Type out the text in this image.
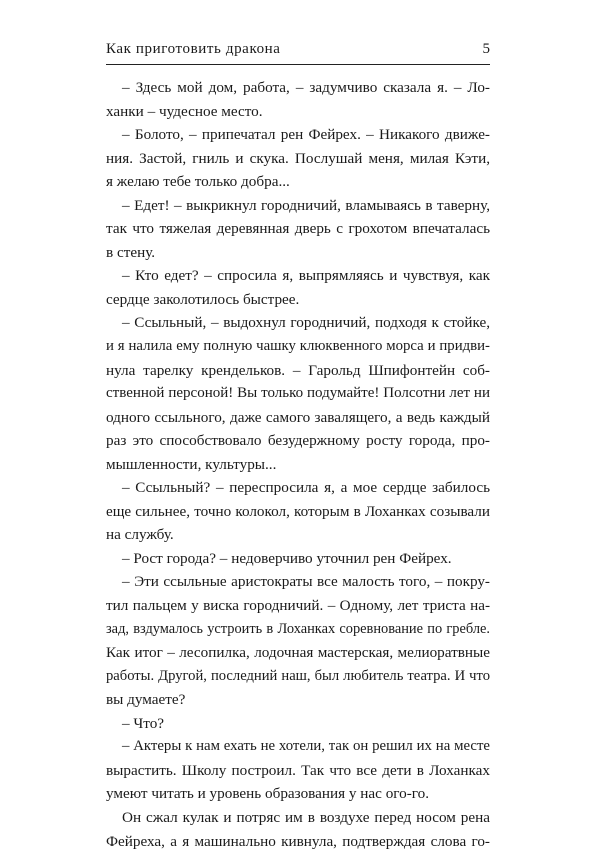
Как приготовить дракона	5
– Здесь мой дом, работа, – задумчиво сказала я. – Ло-
ханки – чудесное место.
– Болото, – припечатал рен Фейрех. – Никакого движе-
ния. Застой, гниль и скука. Послушай меня, милая Кэти,
я желаю тебе только добра...
– Едет! – выкрикнул городничий, вламываясь в таверну,
так что тяжелая деревянная дверь с грохотом впечаталась
в стену.
– Кто едет? – спросила я, выпрямляясь и чувствуя, как
сердце заколотилось быстрее.
– Ссыльный, – выдохнул городничий, подходя к стойке,
и я налила ему полную чашку клюквенного морса и придви-
нула тарелку крендельков. – Гарольд Шпифонтейн соб-
ственной персоной! Вы только подумайте! Полсотни лет ни
одного ссыльного, даже самого завалящего, а ведь каждый
раз это способствовало безудержному росту города, про-
мышленности, культуры...
– Ссыльный? – переспросила я, а мое сердце забилось
еще сильнее, точно колокол, которым в Лоханках созывали
на службу.
– Рост города? – недоверчиво уточнил рен Фейрех.
– Эти ссыльные аристократы все малость того, – покру-
тил пальцем у виска городничий. – Одному, лет триста на-
зад, вздумалось устроить в Лоханках соревнование по гребле.
Как итог – лесопилка, лодочная мастерская, мелиоратвные
работы. Другой, последний наш, был любитель театра. И что
вы думаете?
– Что?
– Актеры к нам ехать не хотели, так он решил их на месте
вырастить. Школу построил. Так что все дети в Лоханках
умеют читать и уровень образования у нас ого-го.
Он сжал кулак и потряс им в воздухе перед носом рена
Фейреха, а я машинально кивнула, подтверждая слова го-
